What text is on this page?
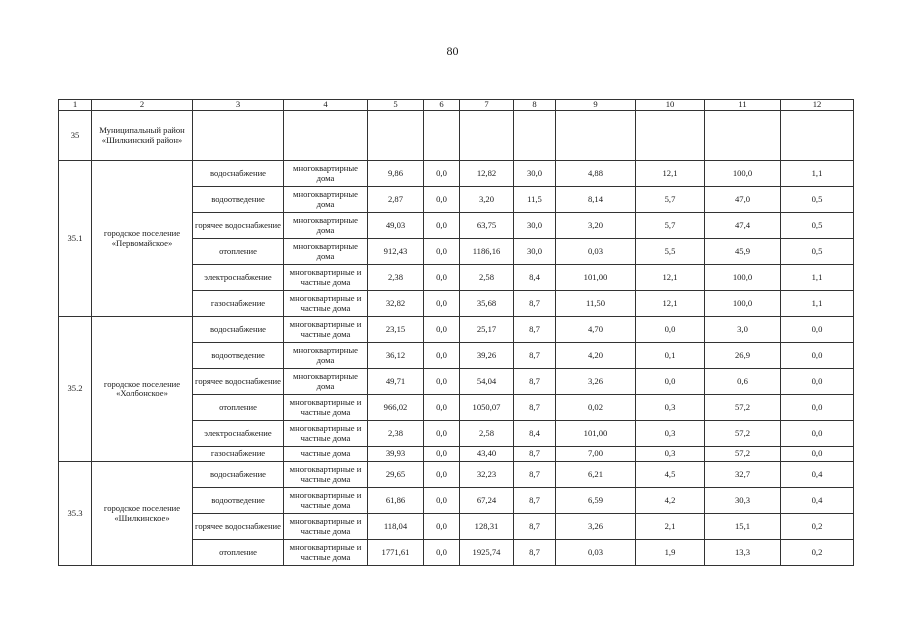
80
1	2	3	4	5	6	7	8	9	10	11	12
35	Муниципальный район «Шилкинский район»										
35.1	городское поселение «Первомайское»	водоснабжение	многоквартирные дома	9,86	0,0	12,82	30,0	4,88	12,1	100,0	1,1
		водоотведение	многоквартирные дома	2,87	0,0	3,20	11,5	8,14	5,7	47,0	0,5
		горячее водоснабжение	многоквартирные дома	49,03	0,0	63,75	30,0	3,20	5,7	47,4	0,5
		отопление	многоквартирные дома	912,43	0,0	1186,16	30,0	0,03	5,5	45,9	0,5
		электроснабжение	многоквартирные и частные дома	2,38	0,0	2,58	8,4	101,00	12,1	100,0	1,1
		газоснабжение	многоквартирные и частные дома	32,82	0,0	35,68	8,7	11,50	12,1	100,0	1,1
35.2	городское поселение «Холбонское»	водоснабжение	многоквартирные и частные дома	23,15	0,0	25,17	8,7	4,70	0,0	3,0	0,0
		водоотведение	многоквартирные дома	36,12	0,0	39,26	8,7	4,20	0,1	26,9	0,0
		горячее водоснабжение	многоквартирные дома	49,71	0,0	54,04	8,7	3,26	0,0	0,6	0,0
		отопление	многоквартирные и частные дома	966,02	0,0	1050,07	8,7	0,02	0,3	57,2	0,0
		электроснабжение	многоквартирные и частные дома	2,38	0,0	2,58	8,4	101,00	0,3	57,2	0,0
		газоснабжение	частные дома	39,93	0,0	43,40	8,7	7,00	0,3	57,2	0,0
35.3	городское поселение «Шилкинское»	водоснабжение	многоквартирные и частные дома	29,65	0,0	32,23	8,7	6,21	4,5	32,7	0,4
		водоотведение	многоквартирные и частные дома	61,86	0,0	67,24	8,7	6,59	4,2	30,3	0,4
		горячее водоснабжение	многоквартирные и частные дома	118,04	0,0	128,31	8,7	3,26	2,1	15,1	0,2
		отопление	многоквартирные и частные дома	1771,61	0,0	1925,74	8,7	0,03	1,9	13,3	0,2
